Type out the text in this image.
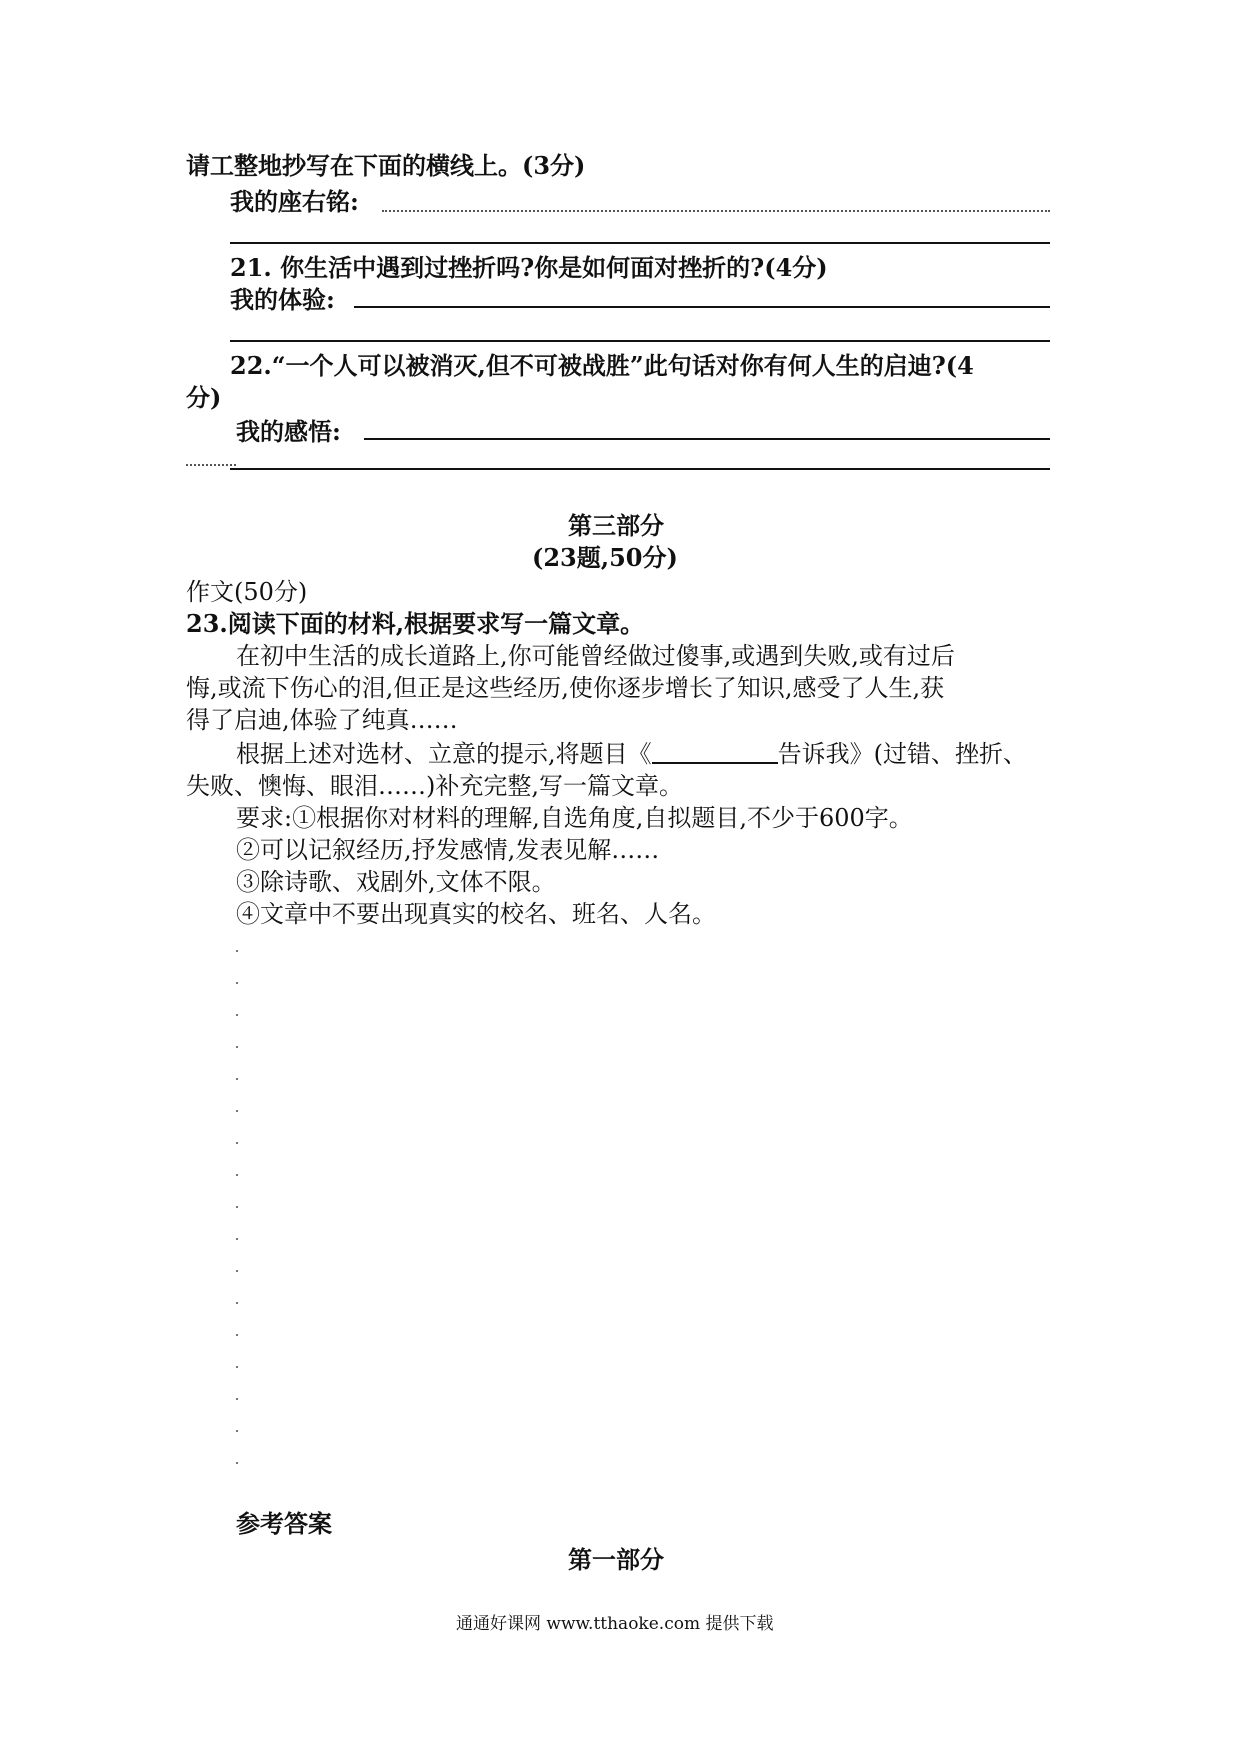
请工整地抄写在下面的横线上。(3分)
我的座右铭:
21. 你生活中遇到过挫折吗?你是如何面对挫折的?(4分)
我的体验:
22.“一个人可以被消灭,但不可被战胜”此句话对你有何人生的启迪?(4
分)
我的感悟:
第三部分
(23题,50分)
作文(50分)
23.阅读下面的材料,根据要求写一篇文章。
在初中生活的成长道路上,你可能曾经做过傻事,或遇到失败,或有过后
悔,或流下伤心的泪,但正是这些经历,使你逐步增长了知识,感受了人生,获
得了启迪,体验了纯真……
根据上述对选材、立意的提示,将题目《	告诉我》(过错、挫折、
失败、懊悔、眼泪……)补充完整,写一篇文章。
要求:①根据你对材料的理解,自选角度,自拟题目,不少于600字。
②可以记叙经历,抒发感情,发表见解……
③除诗歌、戏剧外,文体不限。
④文章中不要出现真实的校名、班名、人名。
参考答案
第一部分
通通好课网 www.tthaoke.com 提供下载
